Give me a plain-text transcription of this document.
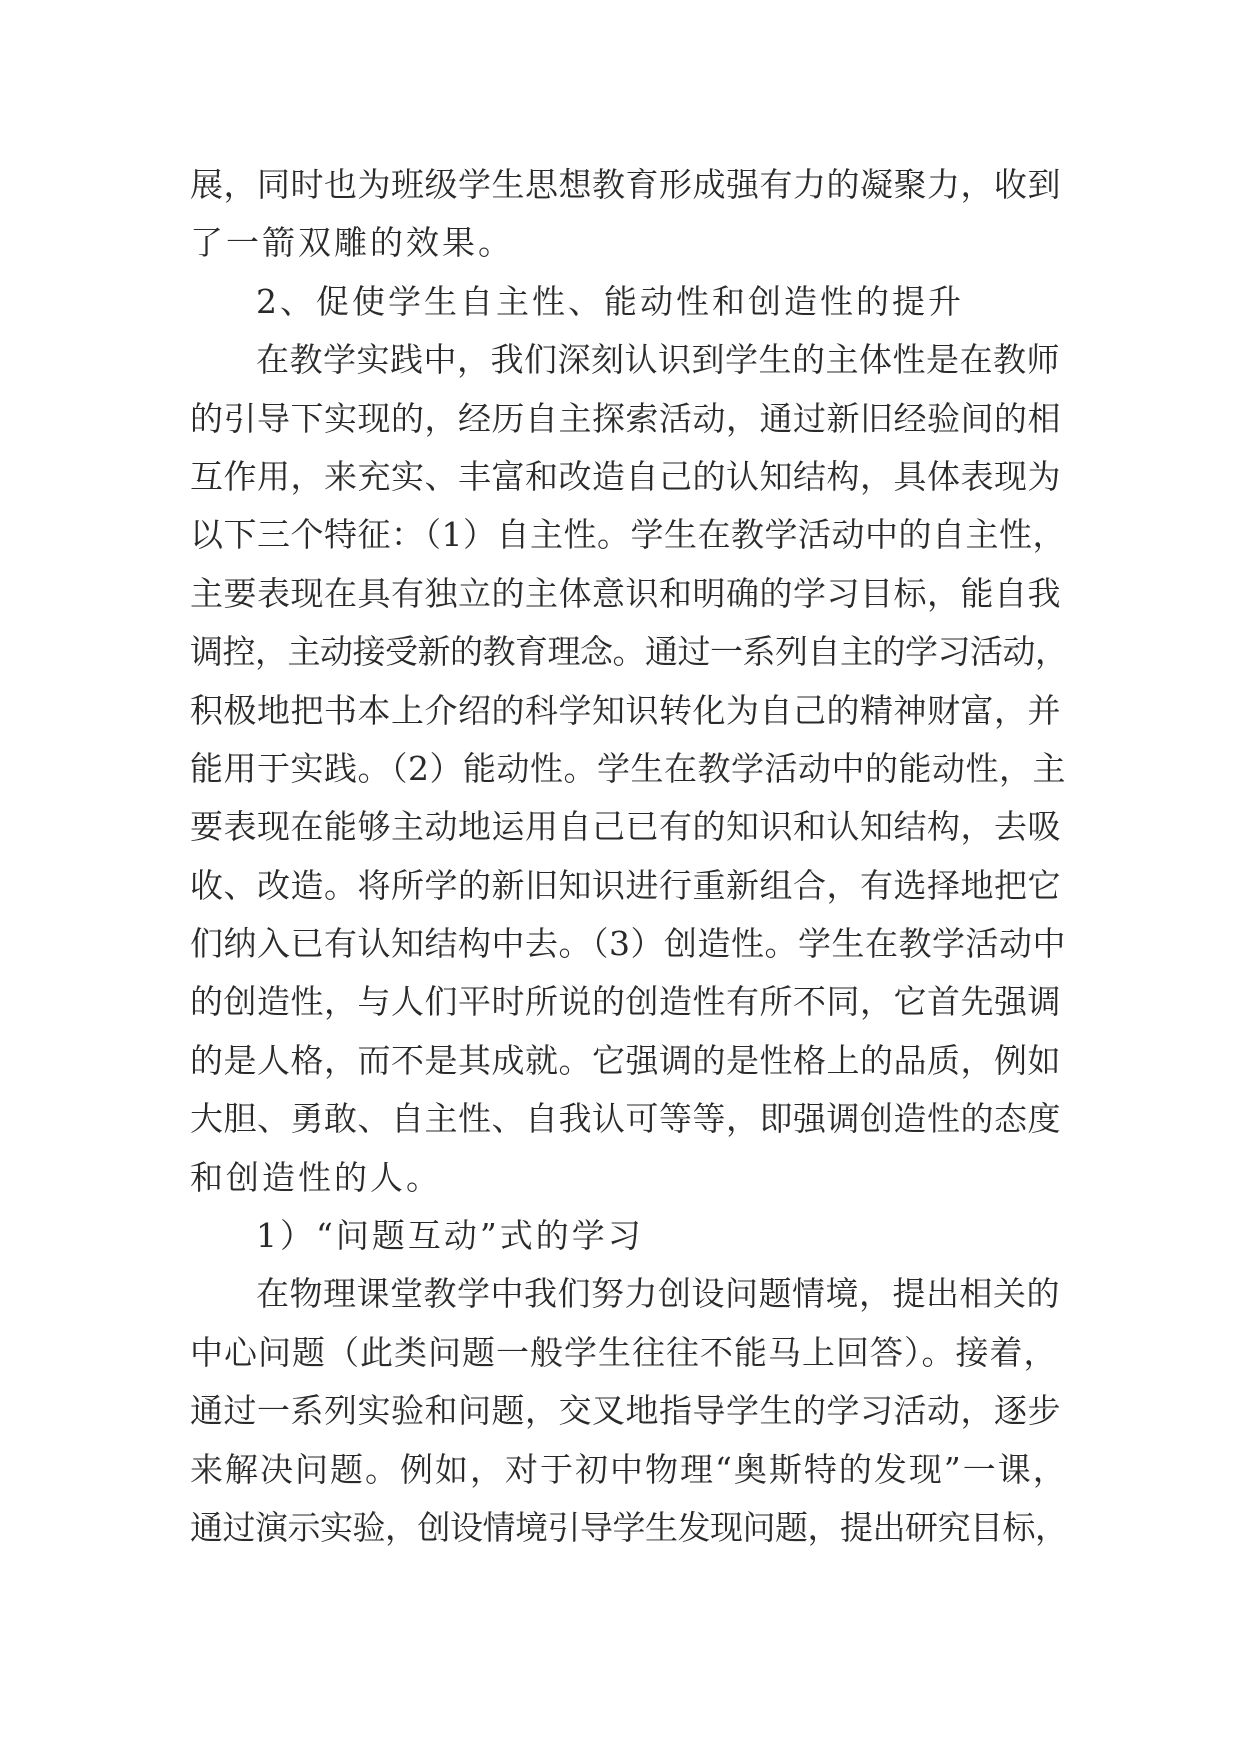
展，同时也为班级学生思想教育形成强有力的凝聚力，收到
了一箭双雕的效果。
2、促使学生自主性、能动性和创造性的提升
在教学实践中，我们深刻认识到学生的主体性是在教师
的引导下实现的，经历自主探索活动，通过新旧经验间的相
互作用，来充实、丰富和改造自己的认知结构，具体表现为
以下三个特征：（1）自主性。学生在教学活动中的自主性，
主要表现在具有独立的主体意识和明确的学习目标，能自我
调控，主动接受新的教育理念。通过一系列自主的学习活动，
积极地把书本上介绍的科学知识转化为自己的精神财富，并
能用于实践。（2）能动性。学生在教学活动中的能动性，主
要表现在能够主动地运用自己已有的知识和认知结构，去吸
收、改造。将所学的新旧知识进行重新组合，有选择地把它
们纳入已有认知结构中去。（3）创造性。学生在教学活动中
的创造性，与人们平时所说的创造性有所不同，它首先强调
的是人格，而不是其成就。它强调的是性格上的品质，例如
大胆、勇敢、自主性、自我认可等等，即强调创造性的态度
和创造性的人。
1）“问题互动”式的学习
在物理课堂教学中我们努力创设问题情境，提出相关的
中心问题（此类问题一般学生往往不能马上回答）。接着，
通过一系列实验和问题，交叉地指导学生的学习活动，逐步
来解决问题。例如，对于初中物理“奥斯特的发现”一课，
通过演示实验，创设情境引导学生发现问题，提出研究目标，
